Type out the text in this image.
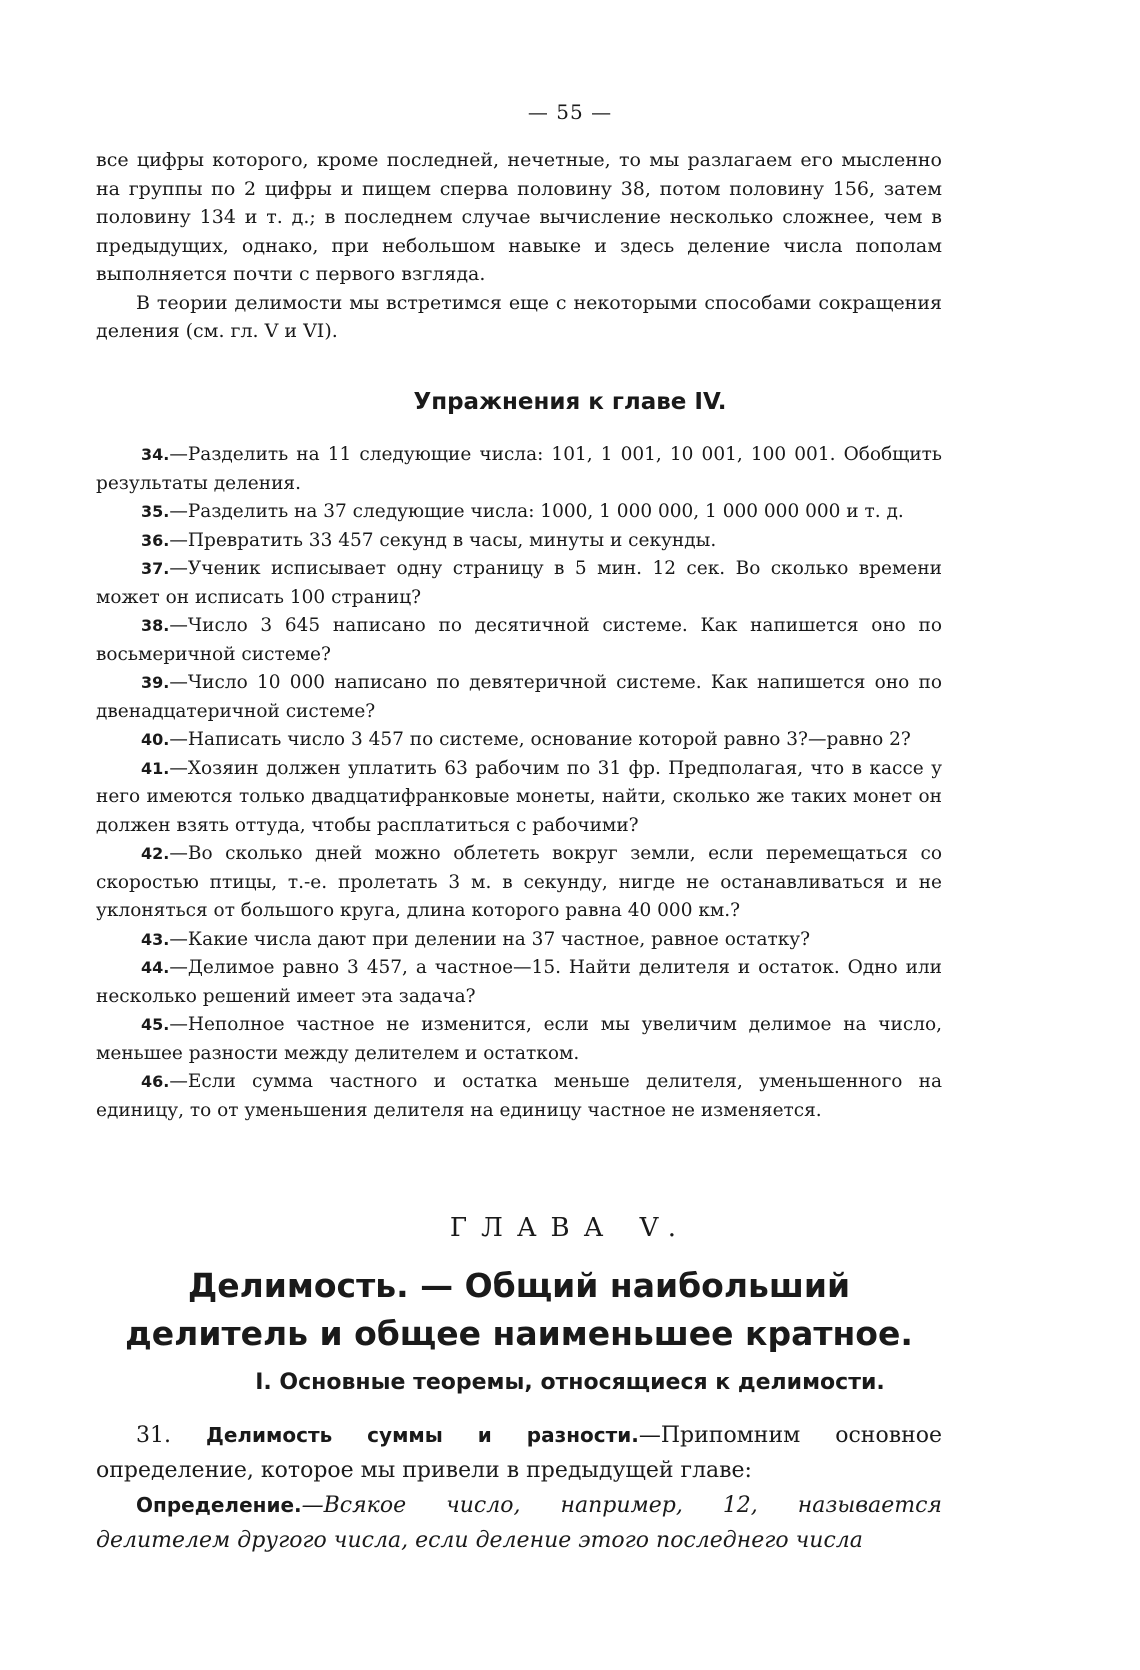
— 55 —

все цифры которого, кроме последней, нечетные, то мы разлагаем его мысленно на группы по 2 цифры и пищем сперва половину 38, потом половину 156, затем половину 134 и т. д.; в последнем случае вычисление несколько сложнее, чем в предыдущих, однако, при небольшом навыке и здесь деление числа пополам выполняется почти с первого взгляда.

В теории делимости мы встретимся еще с некоторыми способами сокращения деления (см. гл. V и VI).

Упражнения к главе IV.

34.—Разделить на 11 следующие числа: 101, 1 001, 10 001, 100 001. Обобщить результаты деления.

35.—Разделить на 37 следующие числа: 1000, 1 000 000, 1 000 000 000 и т. д.

36.—Превратить 33 457 секунд в часы, минуты и секунды.

37.—Ученик исписывает одну страницу в 5 мин. 12 сек. Во сколько времени может он исписать 100 страниц?

38.—Число 3 645 написано по десятичной системе. Как напишется оно по восьмеричной системе?

39.—Число 10 000 написано по девятеричной системе. Как напишется оно по двенадцатеричной системе?

40.—Написать число 3 457 по системе, основание которой равно 3?—равно 2?

41.—Хозяин должен уплатить 63 рабочим по 31 фр. Предполагая, что в кассе у него имеются только двадцатифранковые монеты, найти, сколько же таких монет он должен взять оттуда, чтобы расплатиться с рабочими?

42.—Во сколько дней можно облететь вокруг земли, если перемещаться со скоростью птицы, т.-е. пролетать 3 м. в секунду, нигде не останавливаться и не уклоняться от большого круга, длина которого равна 40 000 км.?

43.—Какие числа дают при делении на 37 частное, равное остатку?

44.—Делимое равно 3 457, а частное—15. Найти делителя и остаток. Одно или несколько решений имеет эта задача?

45.—Неполное частное не изменится, если мы увеличим делимое на число, меньшее разности между делителем и остатком.

46.—Если сумма частного и остатка меньше делителя, уменьшенного на единицу, то от уменьшения делителя на единицу частное не изменяется.

ГЛАВА V.
Делимость. — Общий наибольший делитель и общее наименьшее кратное.
I. Основные теоремы, относящиеся к делимости.

31. Делимость суммы и разности.—Припомним основное определение, которое мы привели в предыдущей главе:

Определение.—Всякое число, например, 12, называется делителем другого числа, если деление этого последнего числа
